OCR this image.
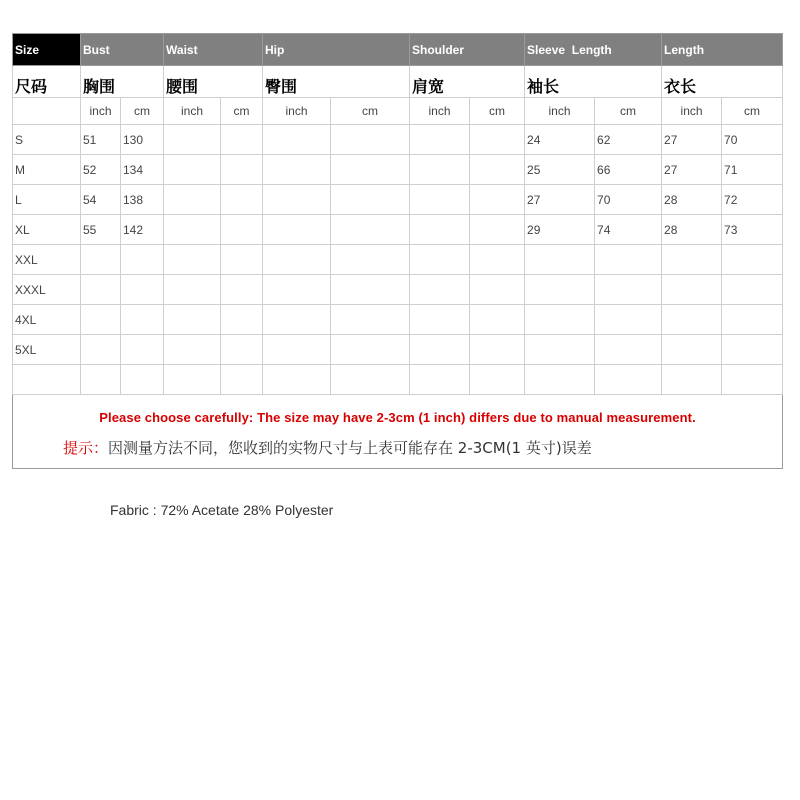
Size	Bust		Waist		Hip		Shoulder		Sleeve  Length		Length	
尺码	胸围		腰围		臀围		肩宽		袖长		衣长	
	inch	cm	inch	cm	inch	cm	inch	cm	inch	cm	inch	cm
S	51	130							24	62	27	70
M	52	134							25	66	27	71
L	54	138							27	70	28	72
XL	55	142							29	74	28	73
XXL												
XXXL												
4XL												
5XL												

Please choose carefully: The size may have 2-3cm (1 inch) differs due to manual measurement.
提示：因测量方法不同，您收到的实物尺寸与上表可能存在 2-3CM(1 英寸)误差												
Fabric : 72% Acetate 28% Polyester
